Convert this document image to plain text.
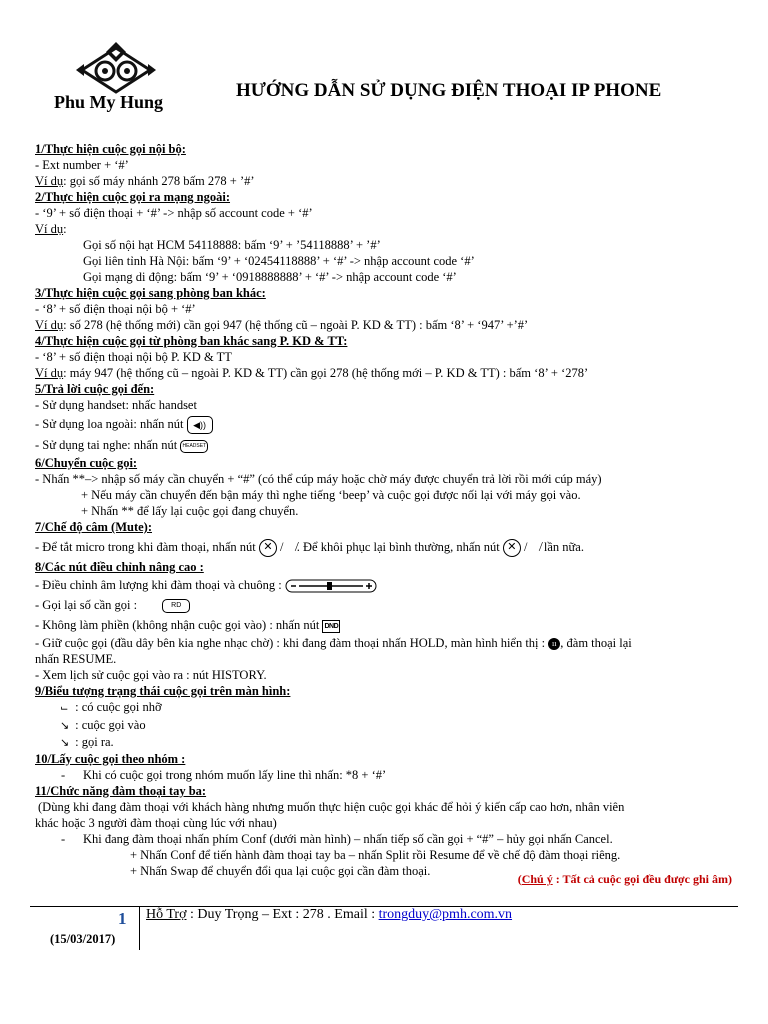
Phu My Hung
HƯỚNG DẪN SỬ DỤNG ĐIỆN THOẠI IP PHONE
1/Thực hiện cuộc gọi nội bộ:
- Ext number + ‘#’
Ví dụ: gọi số máy nhánh 278 bấm 278 + ’#’
2/Thực hiện cuộc gọi ra mạng ngoài:
- ‘9’ + số điện thoại + ‘#’ -> nhập số account code + ‘#’
Ví dụ:
Gọi số nội hạt HCM 54118888: bấm ‘9’ + ’54118888’ + ’#’
Gọi liên tỉnh Hà Nội: bấm ‘9’ + ‘02454118888’ + ‘#’ -> nhập account code ‘#’
Gọi mạng di động: bấm ‘9’ + ‘0918888888’ + ‘#’ -> nhập account code ‘#’
3/Thực hiện cuộc gọi sang phòng ban khác:
- ‘8’ + số điện thoại nội bộ + ‘#’
Ví dụ: số 278 (hệ thống mới) cần gọi 947 (hệ thống cũ – ngoài P. KD & TT) : bấm ‘8’ + ‘947’ +’#’
4/Thực hiện cuộc gọi từ phòng ban khác sang P. KD & TT:
- ‘8’ + số điện thoại nội bộ P. KD & TT
Ví dụ: máy 947 (hệ thống cũ – ngoài P. KD & TT) cần gọi 278 (hệ thống mới – P. KD & TT) : bấm ‘8’ + ‘278’
5/Trả lời cuộc gọi đến:
- Sử dụng handset: nhấc handset
- Sử dụng loa ngoài: nhấn nút ◀))
- Sử dụng tai nghe: nhấn nút HEADSET
6/Chuyển cuộc gọi:
- Nhấn **–> nhập số máy cần chuyển + “#” (có thể cúp máy hoặc chờ máy được chuyển trả lời rồi mới cúp máy)
+ Nếu máy cần chuyển đến bận máy thì nghe tiếng ‘beep’ và cuộc gọi được nối lại với máy gọi vào.
+ Nhấn ** để lấy lại cuộc gọi đang chuyển.
7/Chế độ câm (Mute):
- Để tắt micro trong khi đàm thoại, nhấn nút ✕ / 🎙̸. Để khôi phục lại bình thường, nhấn nút ✕ / 🎙̸ lần nữa.
8/Các nút điều chỉnh nâng cao :
- Điều chỉnh âm lượng khi đàm thoại và chuông :
- Gọi lại số cần gọi :	RD
- Không làm phiền (không nhận cuộc gọi vào) : nhấn nút DND
- Giữ cuộc gọi (đầu dây bên kia nghe nhạc chờ) : khi đang đàm thoại nhấn HOLD, màn hình hiển thị : ıı , đàm thoại lại
nhấn RESUME.
- Xem lịch sử cuộc gọi vào ra : nút HISTORY.
9/Biểu tượng trạng thái cuộc gọi trên màn hình:
⌙ : có cuộc gọi nhỡ
↘ : cuộc gọi vào
↘ : gọi ra.
10/Lấy cuộc gọi theo nhóm :
- Khi có cuộc gọi trong nhóm muốn lấy line thì nhấn: *8 + ‘#’
11/Chức năng đàm thoại tay ba:
(Dùng khi đang đàm thoại với khách hàng nhưng muốn thực hiện cuộc gọi khác để hỏi ý kiến cấp cao hơn, nhân viên
khác hoặc 3 người đàm thoại cùng lúc với nhau)
- Khi đang đàm thoại nhấn phím Conf (dưới màn hình) – nhấn tiếp số cần gọi + “#” – hủy gọi nhấn Cancel.
+ Nhấn Conf để tiến hành đàm thoại tay ba – nhấn Split rồi Resume để về chế độ đàm thoại riêng.
+ Nhấn Swap để chuyển đổi qua lại cuộc gọi cần đàm thoại.
(Chú ý : Tất cả cuộc gọi đều được ghi âm)
1
(15/03/2017)
Hỗ Trợ : Duy Trọng – Ext : 278 . Email : trongduy@pmh.com.vn
